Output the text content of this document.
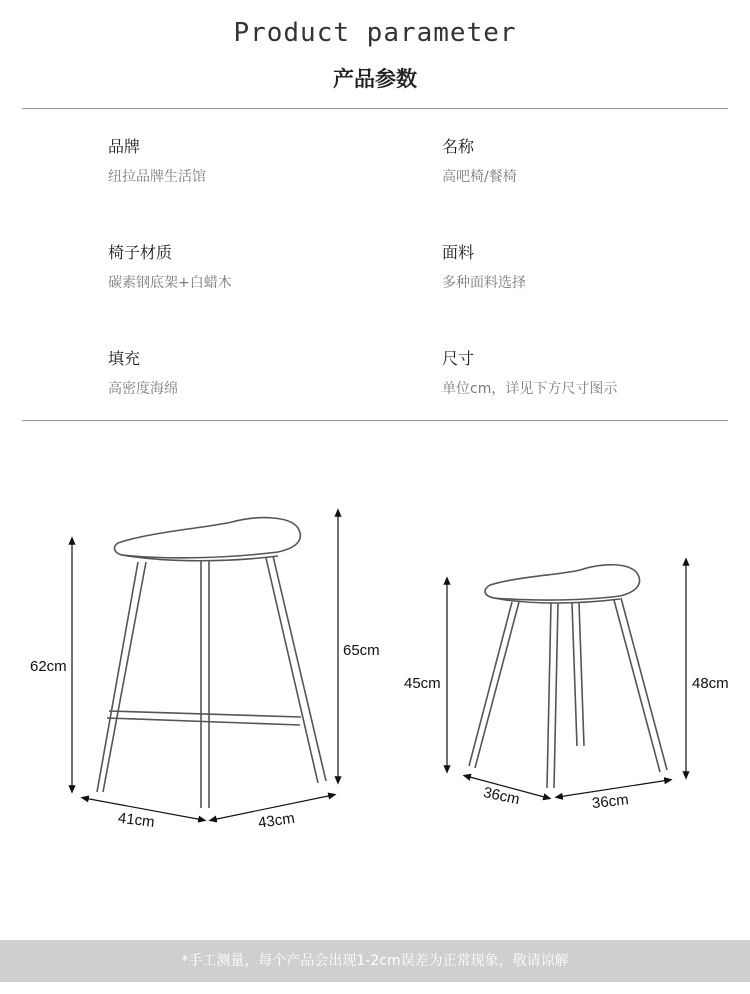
Product parameter
产品参数
品牌
纽拉品牌生活馆
名称
高吧椅/餐椅
椅子材质
碳素钢底架+白蜡木
面料
多种面料选择
填充
高密度海绵
尺寸
单位cm，详见下方尺寸图示
62cm
65cm
41cm	43cm
45cm	48cm
36cm	36cm
*手工测量，每个产品会出现1-2cm误差为正常现象，敬请谅解
